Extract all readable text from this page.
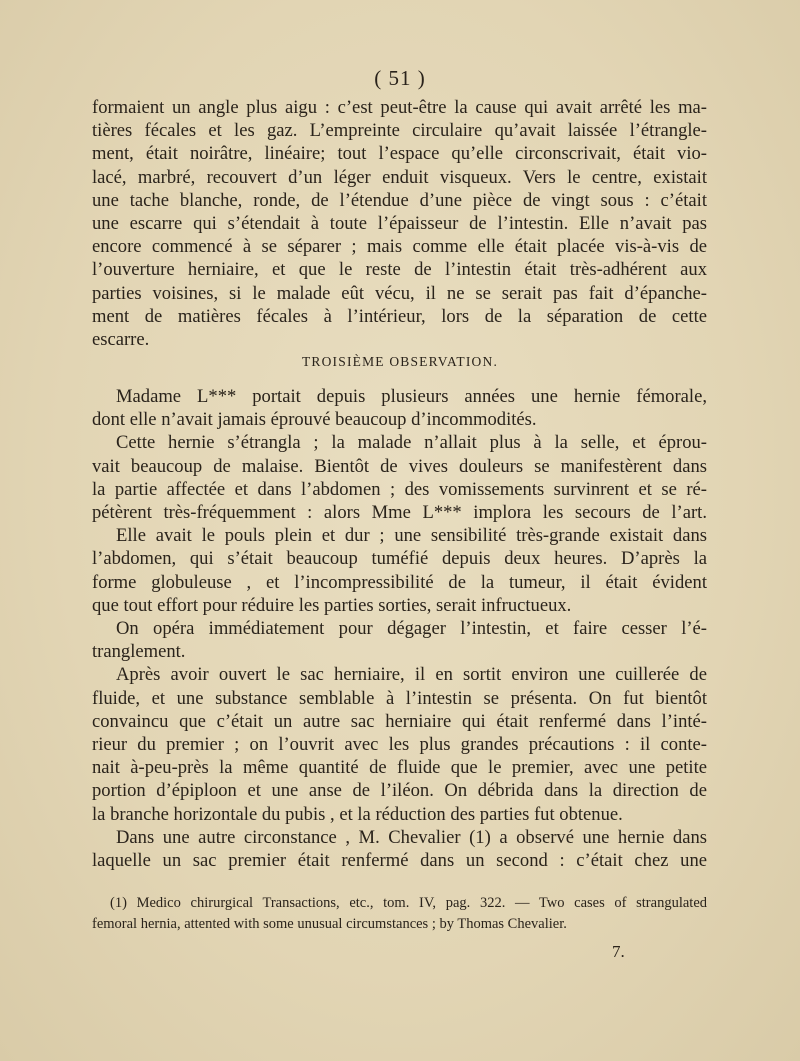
( 51 )

formaient un angle plus aigu : c’est peut-être la cause qui avait arrêté les ma-

tières fécales et les gaz. L’empreinte circulaire qu’avait laissée l’étrangle-

ment, était noirâtre, linéaire; tout l’espace qu’elle circonscrivait, était vio-

lacé, marbré, recouvert d’un léger enduit visqueux. Vers le centre, existait

une tache blanche, ronde, de l’étendue d’une pièce de vingt sous : c’était

une escarre qui s’étendait à toute l’épaisseur de l’intestin. Elle n’avait pas

encore commencé à se séparer ; mais comme elle était placée vis-à-vis de

l’ouverture herniaire, et que le reste de l’intestin était très-adhérent aux

parties voisines, si le malade eût vécu, il ne se serait pas fait d’épanche-

ment de matières fécales à l’intérieur, lors de la séparation de cette

escarre.

TROISIÈME OBSERVATION.

Madame L*** portait depuis plusieurs années une hernie fémorale,

dont elle n’avait jamais éprouvé beaucoup d’incommodités.

Cette hernie s’étrangla ; la malade n’allait plus à la selle, et éprou-

vait beaucoup de malaise. Bientôt de vives douleurs se manifestèrent dans

la partie affectée et dans l’abdomen ; des vomissements survinrent et se ré-

pétèrent très-fréquemment : alors Mme L*** implora les secours de l’art.

Elle avait le pouls plein et dur ; une sensibilité très-grande existait dans

l’abdomen, qui s’était beaucoup tuméfié depuis deux heures. D’après la

forme globuleuse , et l’incompressibilité de la tumeur, il était évident

que tout effort pour réduire les parties sorties, serait infructueux.

On opéra immédiatement pour dégager l’intestin, et faire cesser l’é-

tranglement.

Après avoir ouvert le sac herniaire, il en sortit environ une cuillerée de

fluide, et une substance semblable à l’intestin se présenta. On fut bientôt

convaincu que c’était un autre sac herniaire qui était renfermé dans l’inté-

rieur du premier ; on l’ouvrit avec les plus grandes précautions : il conte-

nait à-peu-près la même quantité de fluide que le premier, avec une petite

portion d’épiploon et une anse de l’iléon. On débrida dans la direction de

la branche horizontale du pubis , et la réduction des parties fut obtenue.

Dans une autre circonstance , M. Chevalier (1) a observé une hernie dans

laquelle un sac premier était renfermé dans un second : c’était chez une

(1) Medico chirurgical Transactions, etc., tom. IV, pag. 322. — Two cases of strangulated
femoral hernia, attented with some unusual circumstances ; by Thomas Chevalier.
7.
